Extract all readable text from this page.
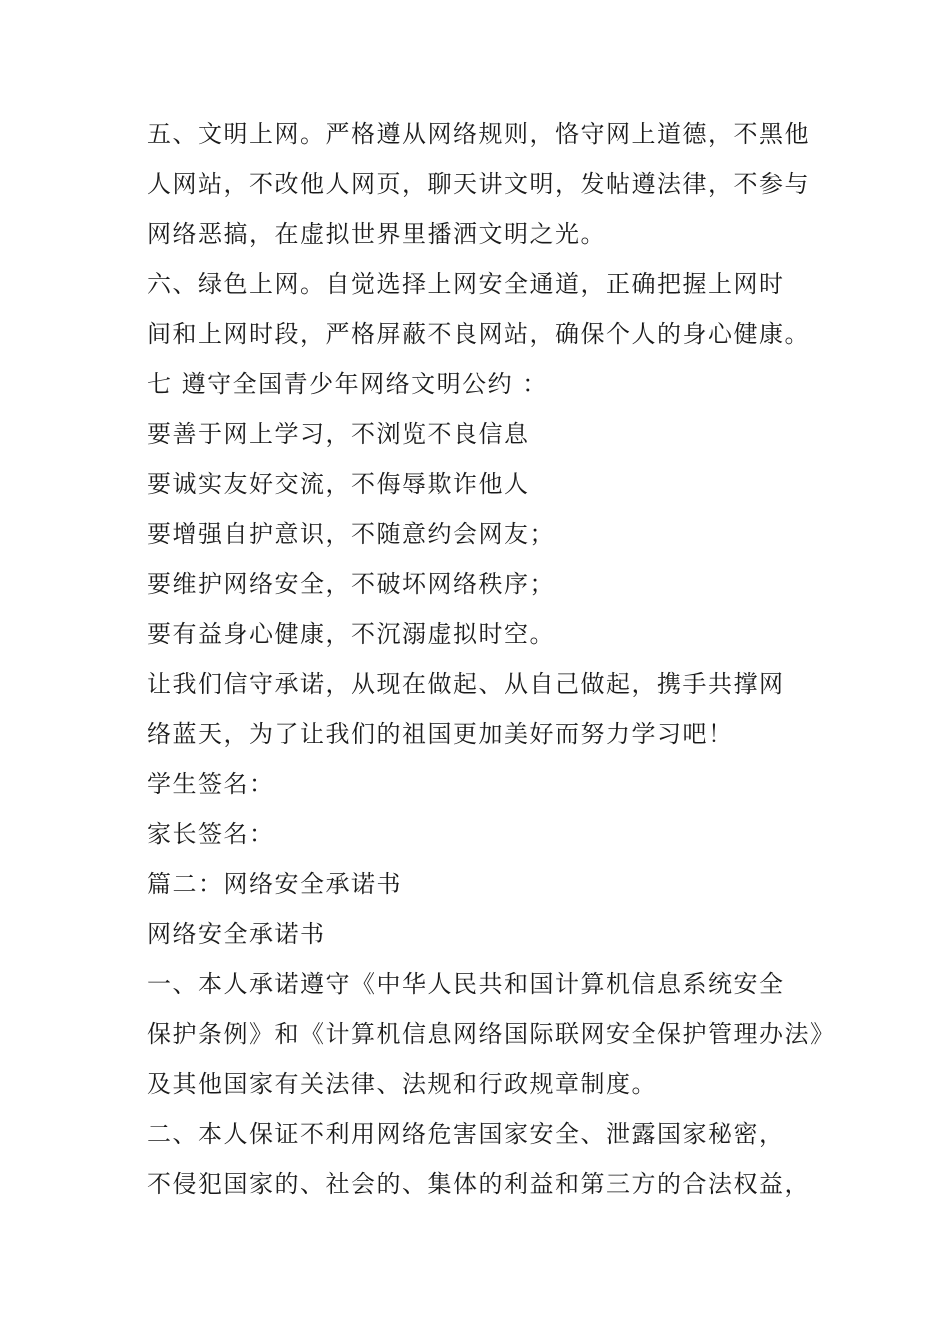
五、文明上网。严格遵从网络规则，恪守网上道德，不黑他
人网站，不改他人网页，聊天讲文明，发帖遵法律，不参与
网络恶搞，在虚拟世界里播洒文明之光。
六、绿色上网。自觉选择上网安全通道，正确把握上网时
间和上网时段，严格屏蔽不良网站，确保个人的身心健康。
七 遵守全国青少年网络文明公约 ：
要善于网上学习，不浏览不良信息
要诚实友好交流，不侮辱欺诈他人
要增强自护意识，不随意约会网友；
要维护网络安全，不破坏网络秩序；
要有益身心健康，不沉溺虚拟时空。
让我们信守承诺，从现在做起、从自己做起，携手共撑网
络蓝天，为了让我们的祖国更加美好而努力学习吧！
学生签名：
家长签名：
篇二：网络安全承诺书
网络安全承诺书
一、本人承诺遵守《中华人民共和国计算机信息系统安全
保护条例》和《计算机信息网络国际联网安全保护管理办法》
及其他国家有关法律、法规和行政规章制度。
二、本人保证不利用网络危害国家安全、泄露国家秘密，
不侵犯国家的、社会的、集体的利益和第三方的合法权益，
